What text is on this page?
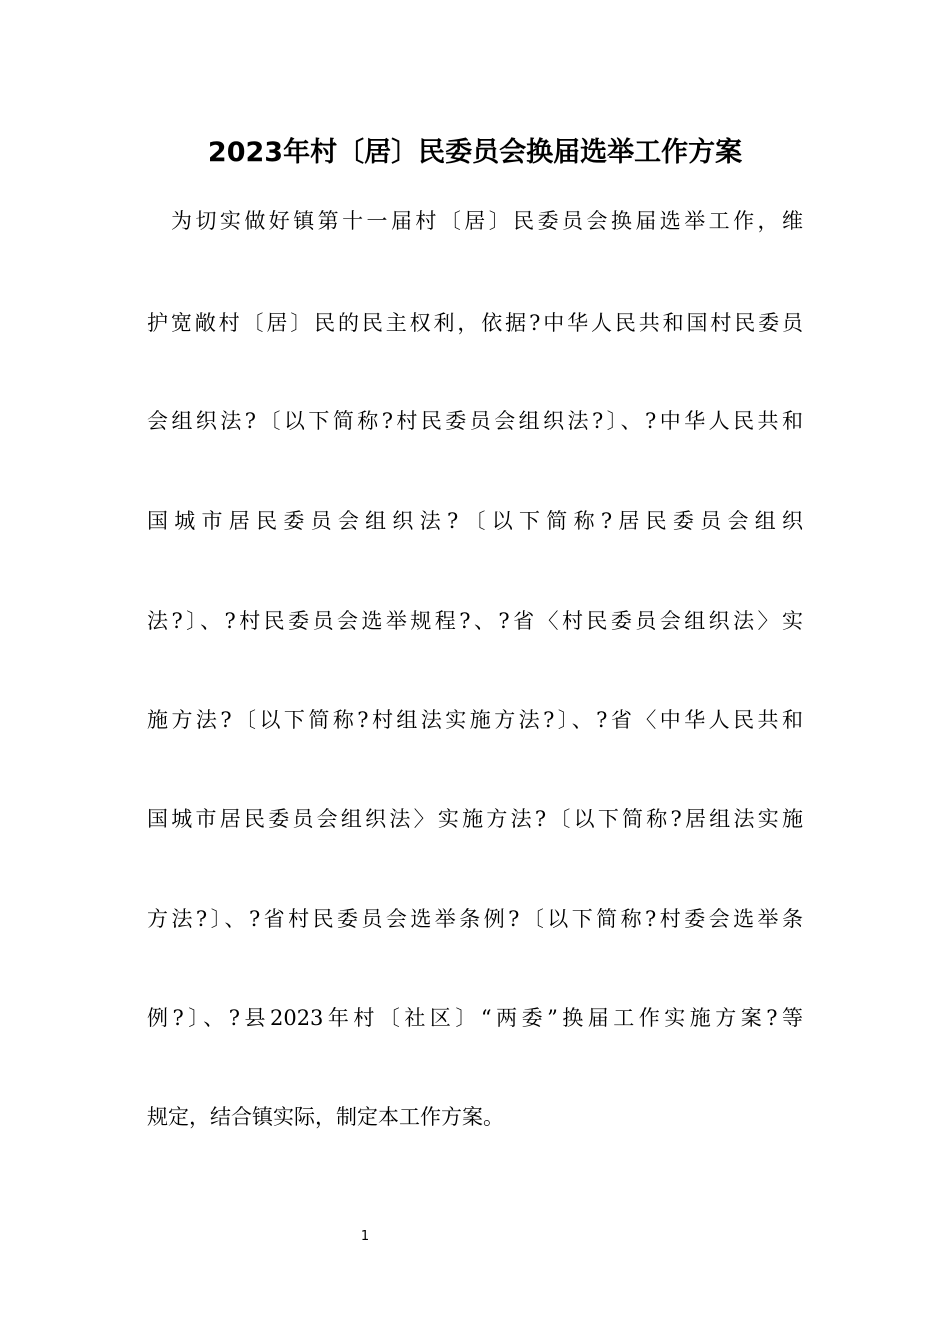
2023年村〔居〕民委员会换届选举工作方案
为切实做好镇第十一届村〔居〕民委员会换届选举工作，维
护宽敞村〔居〕民的民主权利，依据?中华人民共和国村民委员
会组织法?〔以下简称?村民委员会组织法?〕、?中华人民共和
国城市居民委员会组织法?〔以下简称?居民委员会组织
法?〕、?村民委员会选举规程?、?省〈村民委员会组织法〉实
施方法?〔以下简称?村组法实施方法?〕、?省〈中华人民共和
国城市居民委员会组织法〉实施方法?〔以下简称?居组法实施
方法?〕、?省村民委员会选举条例?〔以下简称?村委会选举条
例?〕、?县2023年村〔社区〕“两委”换届工作实施方案?等
规定，结合镇实际，制定本工作方案。
1
